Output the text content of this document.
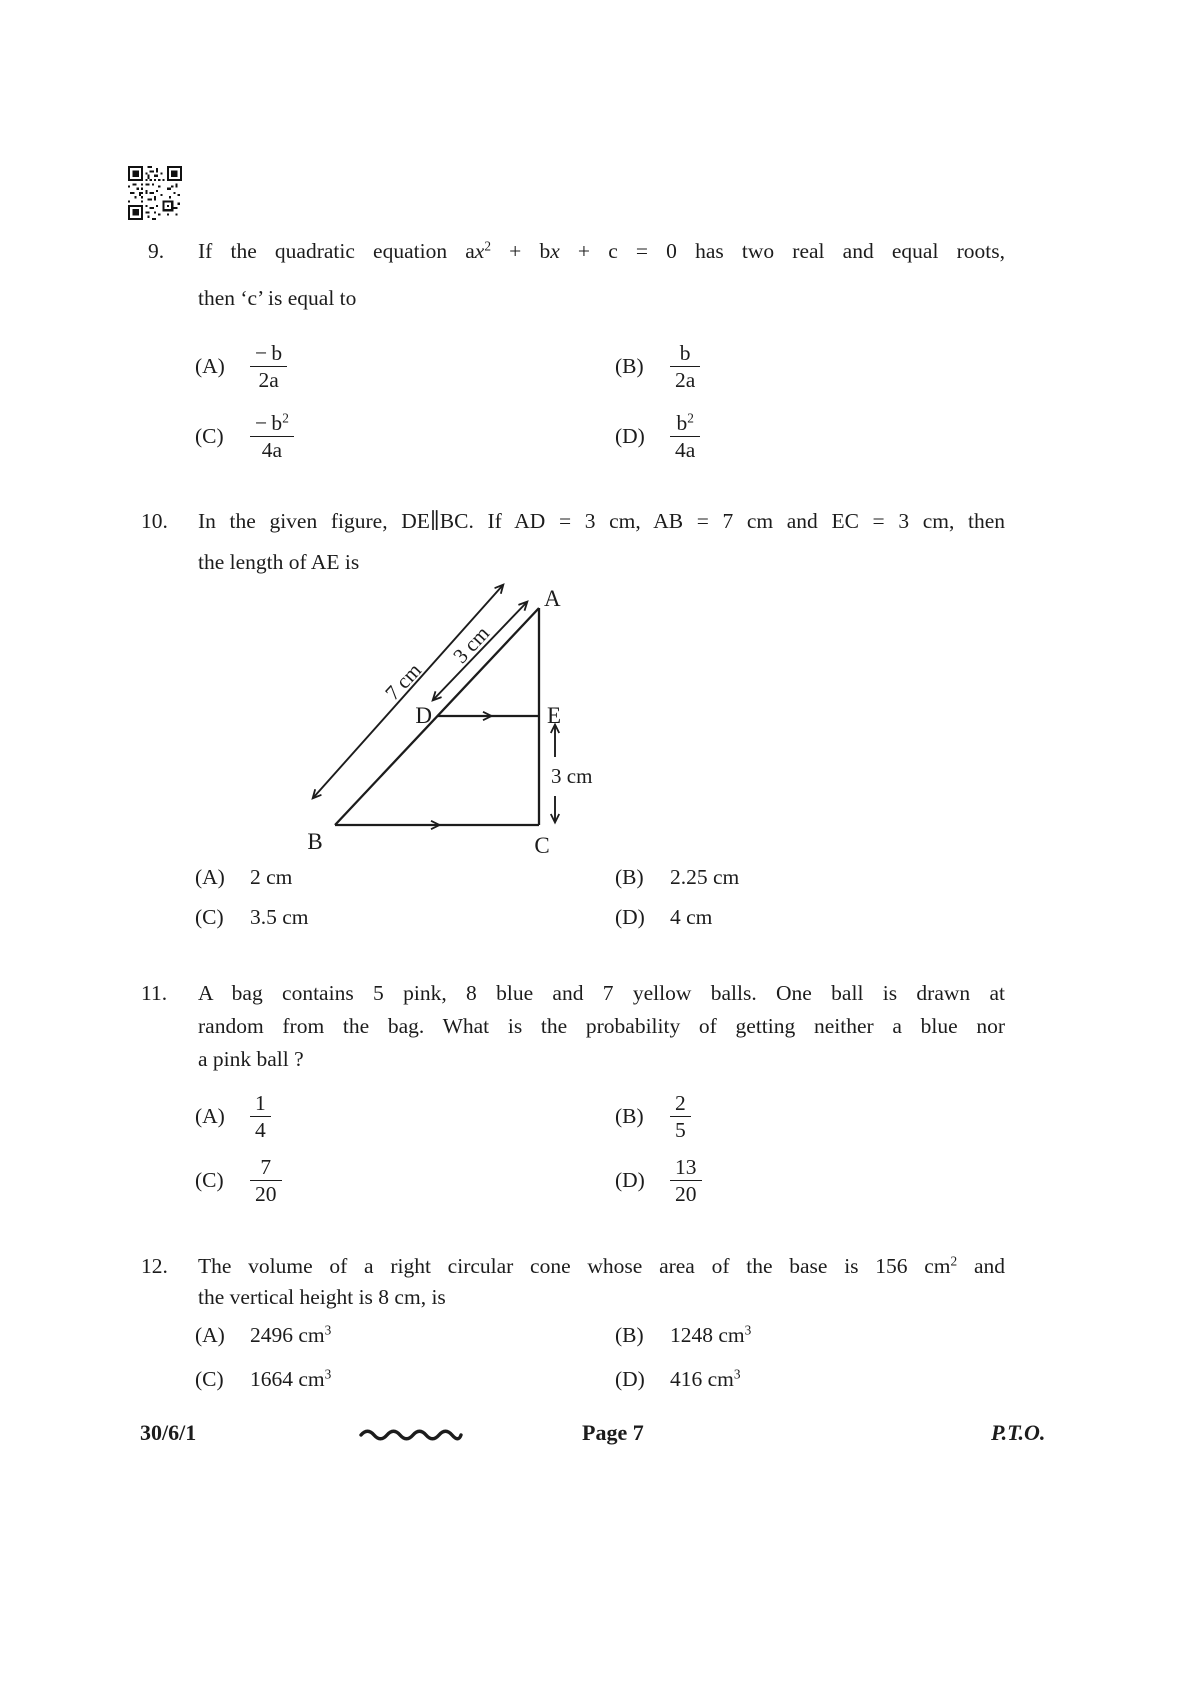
9. If the quadratic equation $ax^2$ + bx + c = 0 has two real and equal roots,
then ‘c’ is equal to
(A)	$\frac{- b}{2a}$	(B)	$\frac{b}{2a}$
(C)	$\frac{- b^2}{4a}$	(D)	$\frac{b^2}{4a}$
10. In the given figure, DE∥BC. If AD = 3 cm, AB = 7 cm and EC = 3 cm, then
the length of AE is
A
B	C
D	E
7 cm
3 cm
3 cm
(A)	2 cm	(B)	2.25 cm
(C)	3.5 cm	(D)	4 cm
11. A bag contains 5 pink, 8 blue and 7 yellow balls. One ball is drawn at
random from the bag. What is the probability of getting neither a blue nor
a pink ball ?
(A)	$\frac{1}{4}$	(B)	$\frac{2}{5}$
(C)	$\frac{7}{20}$	(D)	$\frac{13}{20}$
12. The volume of a right circular cone whose area of the base is 156 $cm^2$ and
the vertical height is 8 cm, is
(A)	2496 $cm^3$	(B)	1248 $cm^3$
(C)	1664 $cm^3$	(D)	416 $cm^3$
30/6/1	Page 7	P.T.O.
